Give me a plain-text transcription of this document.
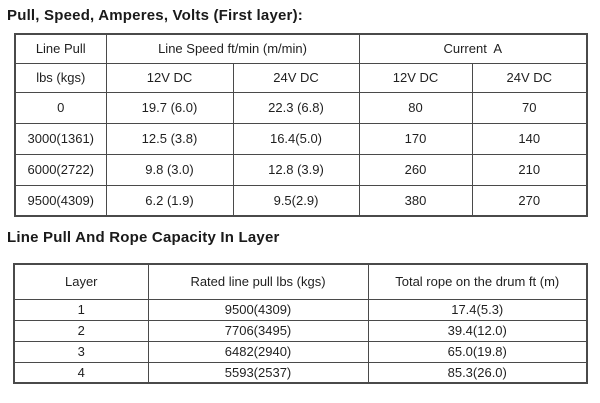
Pull, Speed, Amperes, Volts (First layer):
Line Pull	Line Speed ft/min (m/min)		Current  A	
lbs (kgs)	12V DC	24V DC	12V DC	24V DC
0	19.7 (6.0)	22.3 (6.8)	80	70
3000(1361)	12.5 (3.8)	16.4(5.0)	170	140
6000(2722)	9.8 (3.0)	12.8 (3.9)	260	210
9500(4309)	6.2 (1.9)	9.5(2.9)	380	270
Line Pull And Rope Capacity In Layer
Layer	Rated line pull lbs (kgs)	Total rope on the drum ft (m)
1	9500(4309)	17.4(5.3)
2	7706(3495)	39.4(12.0)
3	6482(2940)	65.0(19.8)
4	5593(2537)	85.3(26.0)
